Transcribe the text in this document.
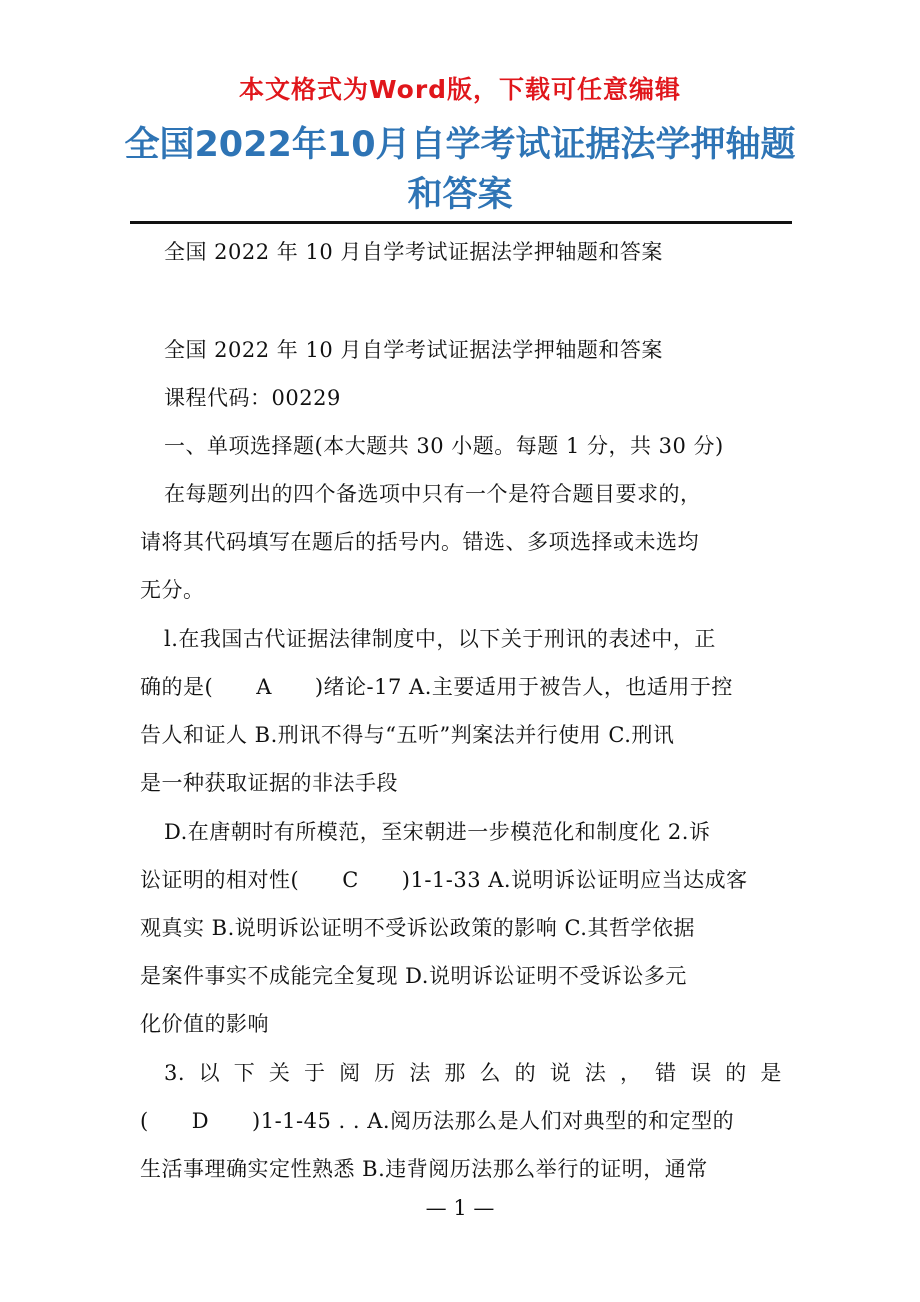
本文格式为Word版，下载可任意编辑
全国2022年10月自学考试证据法学押轴题
和答案
全国 2022 年 10 月自学考试证据法学押轴题和答案
全国 2022 年 10 月自学考试证据法学押轴题和答案
课程代码：00229
一、单项选择题(本大题共 30 小题。每题 1 分，共 30 分)
在每题列出的四个备选项中只有一个是符合题目要求的，
请将其代码填写在题后的括号内。错选、多项选择或未选均
无分。
l.在我国古代证据法律制度中，以下关于刑讯的表述中，正
确的是(　　A　　)绪论-17 A.主要适用于被告人，也适用于控
告人和证人 B.刑讯不得与“五听”判案法并行使用 C.刑讯
是一种获取证据的非法手段
D.在唐朝时有所模范，至宋朝进一步模范化和制度化 2.诉
讼证明的相对性(　　C　　)1-1-33 A.说明诉讼证明应当达成客
观真实 B.说明诉讼证明不受诉讼政策的影响 C.其哲学依据
是案件事实不成能完全复现 D.说明诉讼证明不受诉讼多元
化价值的影响
3. 以 下 关 于 阅 历 法 那 么 的 说 法 ， 错 误 的 是
(　　D　　)1-1-45 . . A.阅历法那么是人们对典型的和定型的
生活事理确实定性熟悉 B.违背阅历法那么举行的证明，通常
— 1 —
